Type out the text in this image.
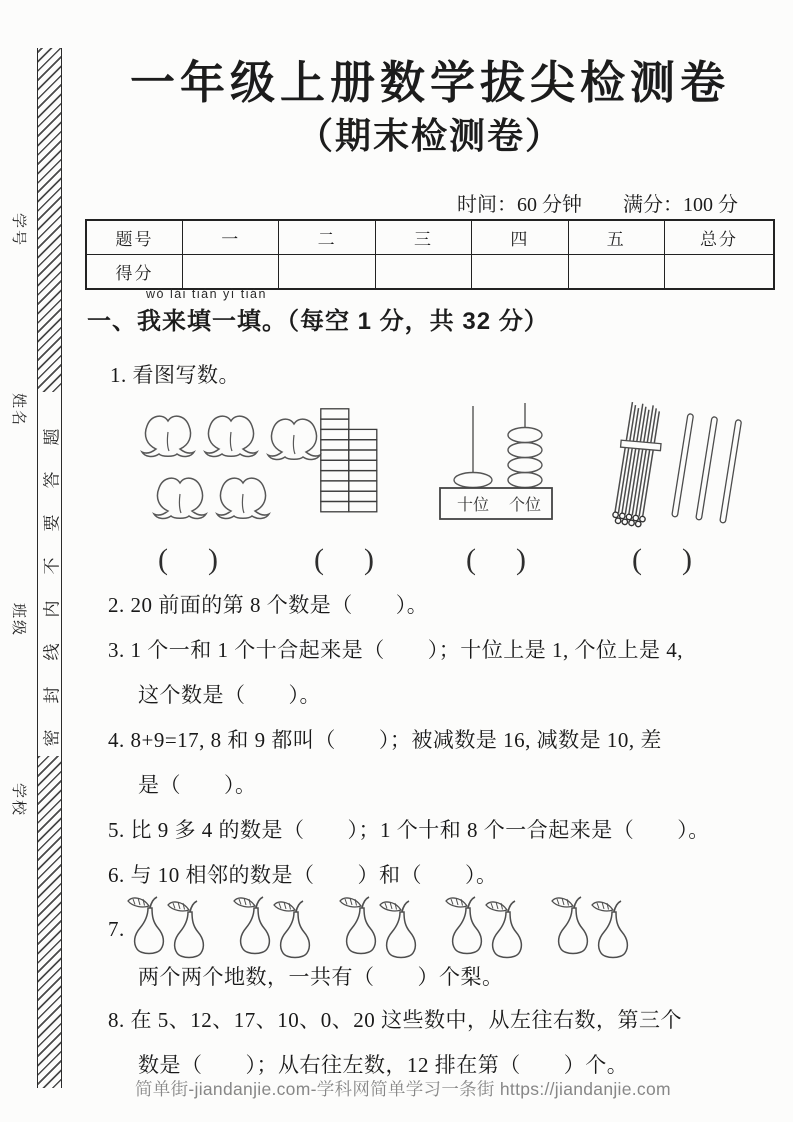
学号
姓名
班级
学校
密封线内不要答题
一年级上册数学拔尖检测卷
（期末检测卷）
时间：60 分钟 满分：100 分
题号	一	二	三	四	五	总分
得分						
wǒ lái tián yì tián
一、我来填一填。（每空 1 分，共 32 分）
1. 看图写数。
十位 个位
(　)	(　)	(　)	(　)
2. 20 前面的第 8 个数是（　　）。
3. 1 个一和 1 个十合起来是（　　）；十位上是 1, 个位上是 4,
这个数是（　　）。
4. 8+9=17, 8 和 9 都叫（　　）；被减数是 16, 减数是 10, 差
是（　　）。
5. 比 9 多 4 的数是（　　）；1 个十和 8 个一合起来是（　　）。
6. 与 10 相邻的数是（　　）和（　　）。
7.
两个两个地数，一共有（　　）个梨。
8. 在 5、12、17、10、0、20 这些数中，从左往右数，第三个
数是（　　）；从右往左数，12 排在第（　　）个。
简单街-jiandanjie.com-学科网简单学习一条街 https://jiandanjie.com
